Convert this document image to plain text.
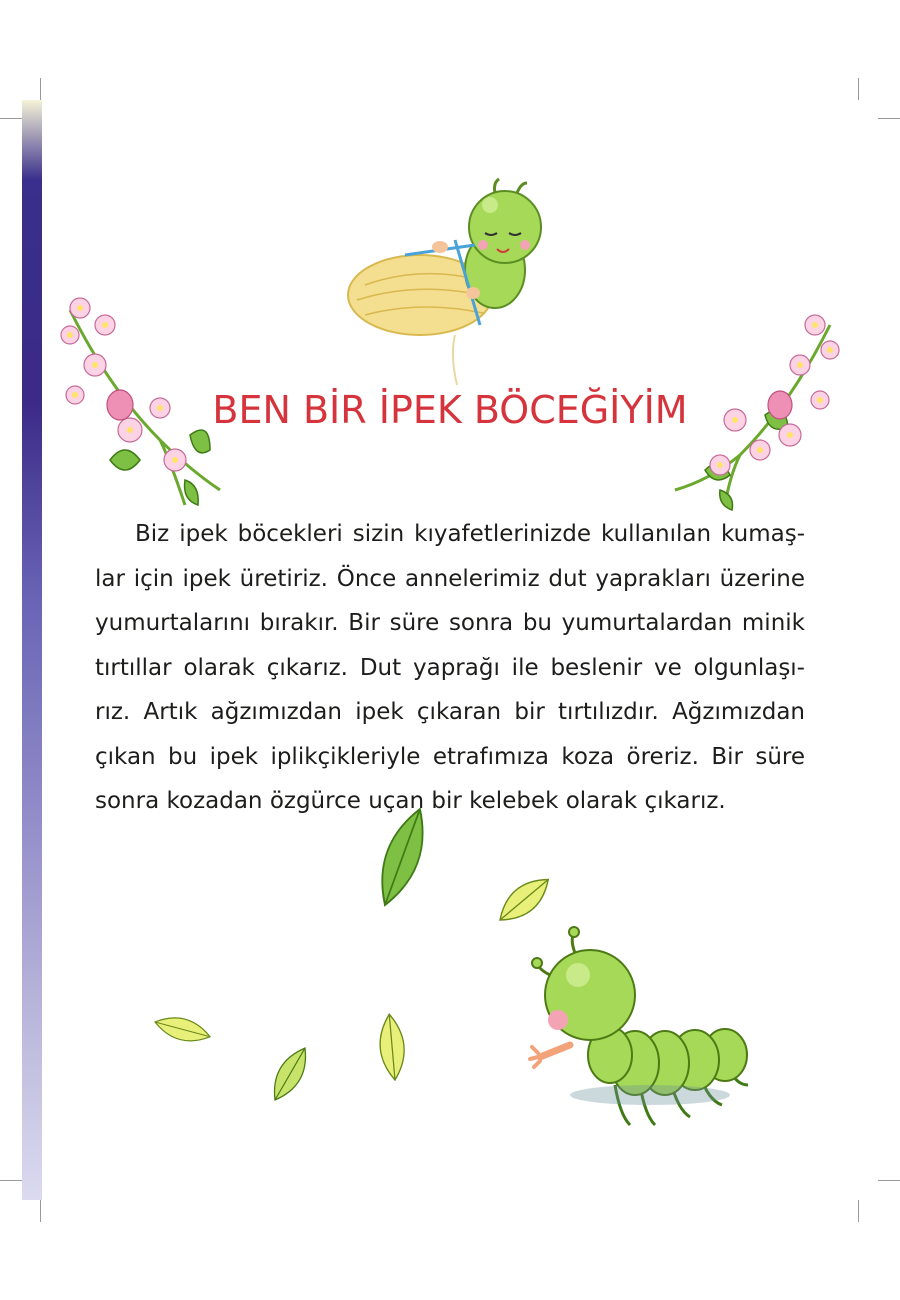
BEN BİR İPEK BÖCEĞİYİM
Biz ipek böcekleri sizin kıyafetlerinizde kullanılan kumaş-
lar için ipek üretiriz. Önce annelerimiz dut yaprakları üzerine
yumurtalarını bırakır. Bir süre sonra bu yumurtalardan minik
tırtıllar olarak çıkarız. Dut yaprağı ile beslenir ve olgunlaşı-
rız. Artık ağzımızdan ipek çıkaran bir tırtılızdır. Ağzımızdan
çıkan bu ipek iplikçikleriyle etrafımıza koza öreriz. Bir süre
sonra kozadan özgürce uçan bir kelebek olarak çıkarız.
